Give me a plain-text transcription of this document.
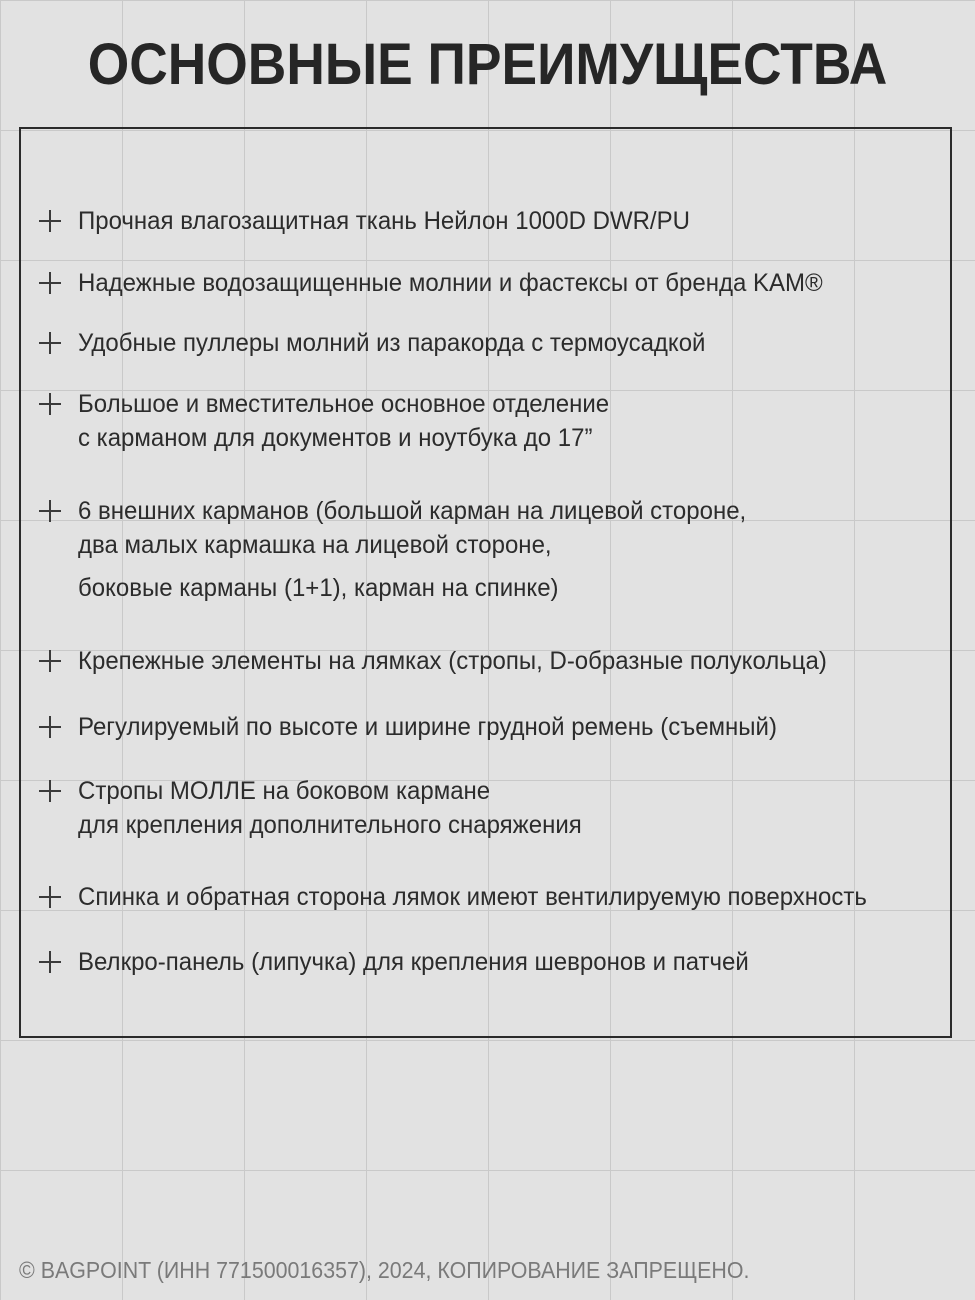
ОСНОВНЫЕ ПРЕИМУЩЕСТВА
Прочная влагозащитная ткань Нейлон 1000D DWR/PU
Надежные водозащищенные молнии и фастексы от бренда KAM®
Удобные пуллеры молний из паракорда с термоусадкой
Большое и вместительное основное отделение
с карманом для документов и ноутбука до 17”
6 внешних карманов (большой карман на лицевой стороне,
два малых кармашка на лицевой стороне,
боковые карманы (1+1), карман на спинке)
Крепежные элементы на лямках (стропы, D-образные полукольца)
Регулируемый по высоте и ширине грудной ремень (съемный)
Стропы МОЛЛЕ на боковом кармане
для крепления дополнительного снаряжения
Спинка и обратная сторона лямок имеют вентилируемую поверхность
Велкро-панель (липучка) для крепления шевронов и патчей
© BAGPOINT (ИНН 771500016357), 2024, КОПИРОВАНИЕ ЗАПРЕЩЕНО.
